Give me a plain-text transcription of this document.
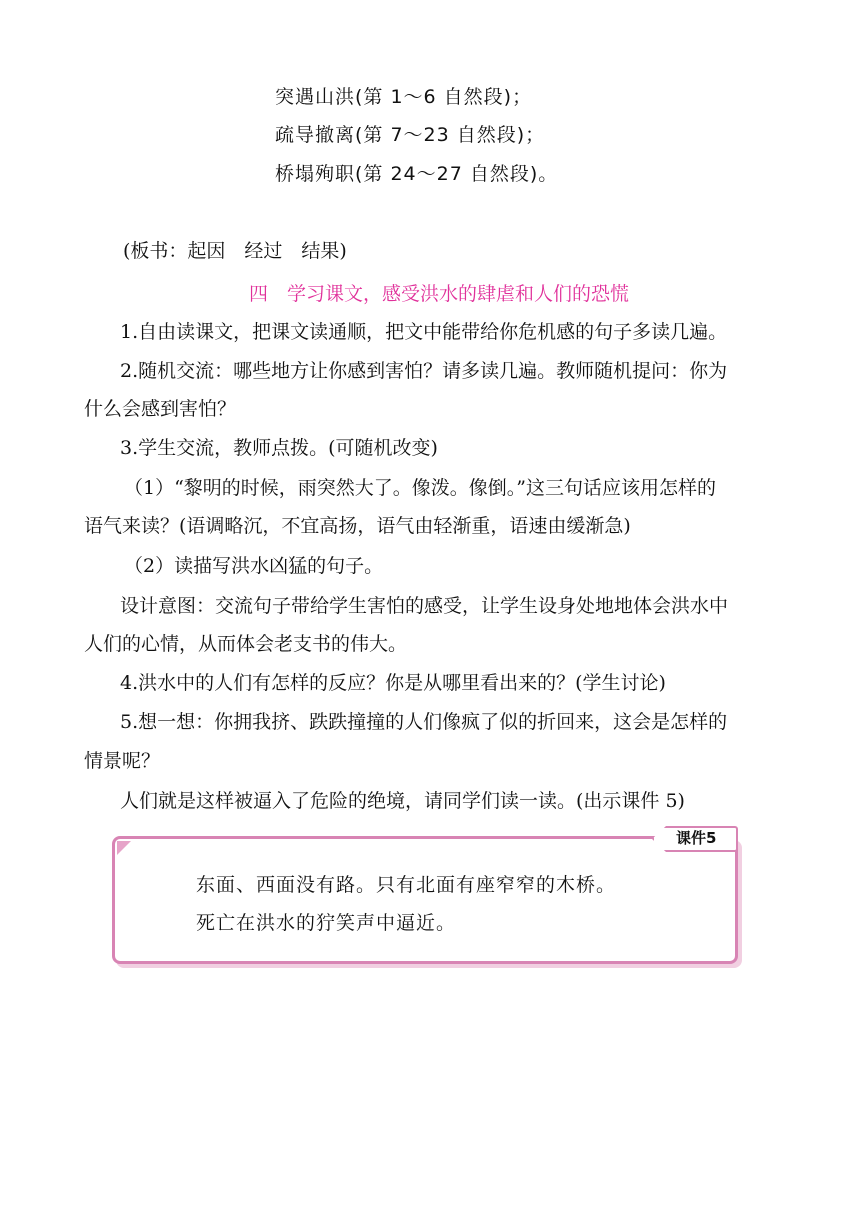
突遇山洪(第 1～6 自然段)；
疏导撤离(第 7～23 自然段)；
桥塌殉职(第 24～27 自然段)。
(板书：起因　经过　结果)
四　学习课文，感受洪水的肆虐和人们的恐慌
1.自由读课文，把课文读通顺，把文中能带给你危机感的句子多读几遍。
2.随机交流：哪些地方让你感到害怕？请多读几遍。教师随机提问：你为
什么会感到害怕？
3.学生交流，教师点拨。(可随机改变)
（1）“黎明的时候，雨突然大了。像泼。像倒。”这三句话应该用怎样的
语气来读？(语调略沉，不宜高扬，语气由轻渐重，语速由缓渐急)
（2）读描写洪水凶猛的句子。
设计意图：交流句子带给学生害怕的感受，让学生设身处地地体会洪水中
人们的心情，从而体会老支书的伟大。
4.洪水中的人们有怎样的反应？你是从哪里看出来的？(学生讨论)
5.想一想：你拥我挤、跌跌撞撞的人们像疯了似的折回来，这会是怎样的
情景呢？
人们就是这样被逼入了危险的绝境，请同学们读一读。(出示课件 5)
课件5
东面、西面没有路。只有北面有座窄窄的木桥。
死亡在洪水的狞笑声中逼近。
